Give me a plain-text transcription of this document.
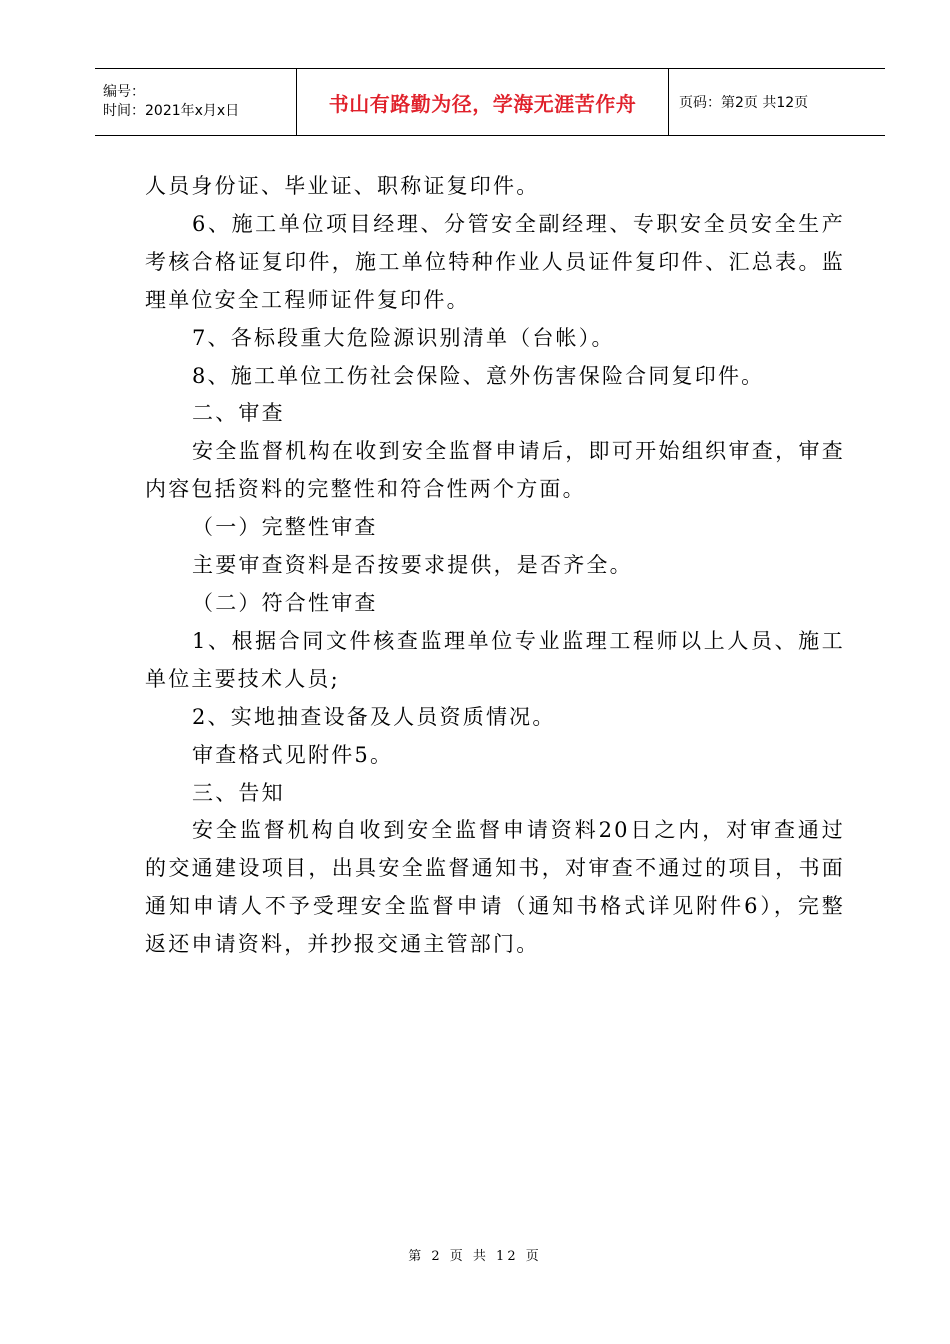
编号：
时间：2021年x月x日	书山有路勤为径，学海无涯苦作舟	页码：第2页 共12页

人员身份证、毕业证、职称证复印件。

6、施工单位项目经理、分管安全副经理、专职安全员安全生产考核合格证复印件，施工单位特种作业人员证件复印件、汇总表。监理单位安全工程师证件复印件。

7、各标段重大危险源识别清单（台帐）。

8、施工单位工伤社会保险、意外伤害保险合同复印件。

二、审查

安全监督机构在收到安全监督申请后，即可开始组织审查，审查内容包括资料的完整性和符合性两个方面。

（一）完整性审查

主要审查资料是否按要求提供，是否齐全。

（二）符合性审查

1、根据合同文件核查监理单位专业监理工程师以上人员、施工单位主要技术人员;

2、实地抽查设备及人员资质情况。

审查格式见附件5。

三、告知

安全监督机构自收到安全监督申请资料20日之内，对审查通过的交通建设项目，出具安全监督通知书，对审查不通过的项目，书面通知申请人不予受理安全监督申请（通知书格式详见附件6），完整返还申请资料，并抄报交通主管部门。

第 2 页 共 12 页
